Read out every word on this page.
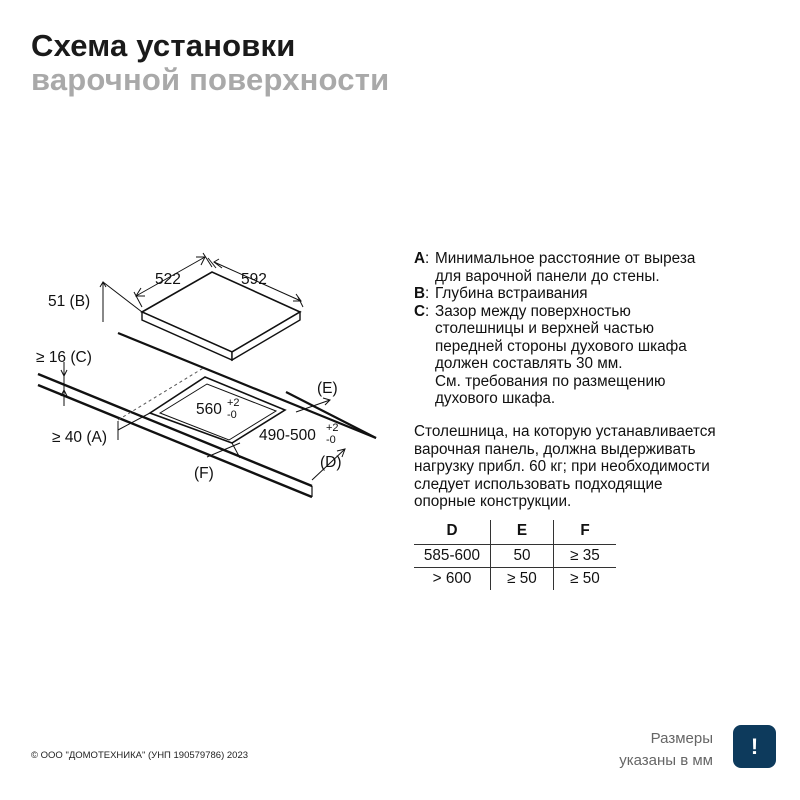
Схема установки
варочной поверхности
522	592
51 (B)
≥ 16 (C)
≥ 40 (A)
560 +2
-0
490-500 +2
-0
(E)
(D)
(F)
A : Минимальное расстояние от выреза
для варочной панели до стены.
B : Глубина встраивания
C : Зазор между поверхностью
столешницы и верхней частью
передней стороны духового шкафа
должен составлять 30 мм.
См. требования по размещению
духового шкафа.
Столешница, на которую устанавливается
варочная панель, должна выдерживать
нагрузку прибл. 60 кг; при необходимости
следует использовать подходящие
опорные конструкции.
D	E	F
585-600	50	≥ 35
> 600	≥ 50	≥ 50
© ООО "ДОМОТЕХНИКА" (УНП 190579786) 2023
Размеры
указаны в мм
!
